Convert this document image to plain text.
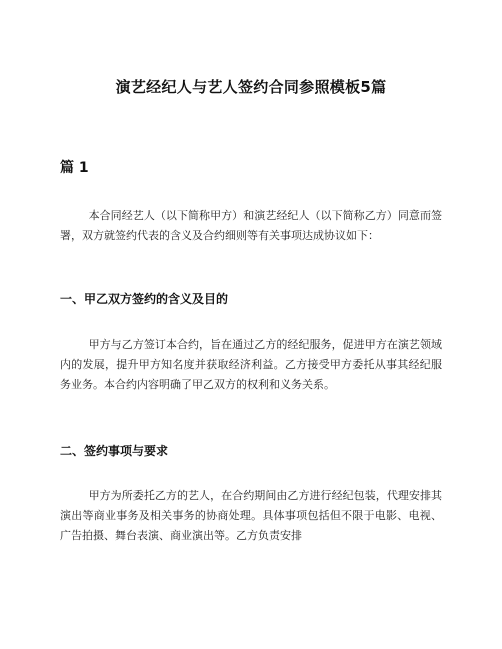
演艺经纪人与艺人签约合同参照模板5篇
篇 1

本合同经艺人（以下简称甲方）和演艺经纪人（以下简称乙方）同意而签署，双方就签约代表的含义及合约细则等有关事项达成协议如下：

一、甲乙双方签约的含义及目的

甲方与乙方签订本合约，旨在通过乙方的经纪服务，促进甲方在演艺领域内的发展，提升甲方知名度并获取经济利益。乙方接受甲方委托从事其经纪服务业务。本合约内容明确了甲乙双方的权利和义务关系。

二、签约事项与要求

甲方为所委托乙方的艺人，在合约期间由乙方进行经纪包装，代理安排其演出等商业事务及相关事务的协商处理。具体事项包括但不限于电影、电视、广告拍摄、舞台表演、商业演出等。乙方负责安排
